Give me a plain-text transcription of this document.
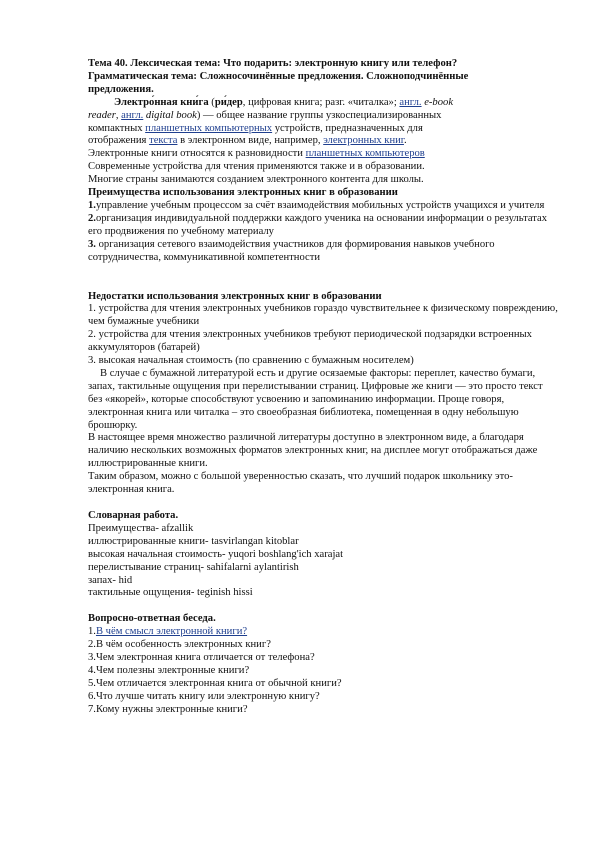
Тема 40. Лексическая тема: Что подарить: электронную книгу или телефон?

Грамматическая тема: Сложносочинённые предложения. Сложноподчинённые

предложения.

Электро́нная кни́га (ри́дер, цифровая книга; разг. «читалка»; англ. e-book
reader, англ. digital book) — общее название группы узкоспециализированных
компактных планшетных компьютерных устройств, предназначенных для
отображения текста в электронном виде, например, электронных книг.

Электронные книги относятся к разновидности планшетных компьютеров

Современные устройства для чтения применяются также и в образовании.

Многие страны занимаются созданием электронного контента для школы.

Преимущества использования электронных книг в образовании

1.управление учебным процессом за счёт взаимодействия мобильных устройств учащихся и учителя

2.организация индивидуальной поддержки каждого ученика на основании информации о результатах его продвижения по учебному материалу

3. организация сетевого взаимодействия участников для формирования навыков учебного сотрудничества, коммуникативной компетентности

Недостатки использования электронных книг в образовании

1. устройства для чтения электронных учебников гораздо чувствительнее к физическому повреждению, чем бумажные учебники

2. устройства для чтения электронных учебников требуют периодической подзарядки встроенных аккумуляторов (батарей)

3. высокая начальная стоимость (по сравнению с бумажным носителем)

В случае с бумажной литературой есть и другие осязаемые факторы: переплет, качество бумаги, запах, тактильные ощущения при перелистывании страниц. Цифровые же книги — это просто текст без «якорей», которые способствуют усвоению и запоминанию информации. Проще говоря, электронная книга или читалка – это своеобразная библиотека, помещенная в одну небольшую брошюрку.

В настоящее время множество различной литературы доступно в электронном виде, а благодаря наличию нескольких возможных форматов электронных книг, на дисплее могут отображаться даже иллюстрированные книги.

Таким образом, можно с большой уверенностью сказать, что лучший подарок школьнику это- электронная книга.

Словарная работа.

Преимущества- afzallik

иллюстрированные книги- tasvirlangan kitoblar

высокая начальная стоимость- yuqori boshlang'ich xarajat

перелистывание страниц- sahifalarni aylantirish

запах- hid

тактильные ощущения- teginish hissi

Вопросно-ответная беседа.

1.В чём смысл электронной книги?

2.В чём особенность электронных книг?

3.Чем электронная книга отличается от телефона?

4.Чем полезны электронные книги?

5.Чем отличается электронная книга от обычной книги?

6.Что лучше читать книгу или электронную книгу?

7.Кому нужны электронные книги?
